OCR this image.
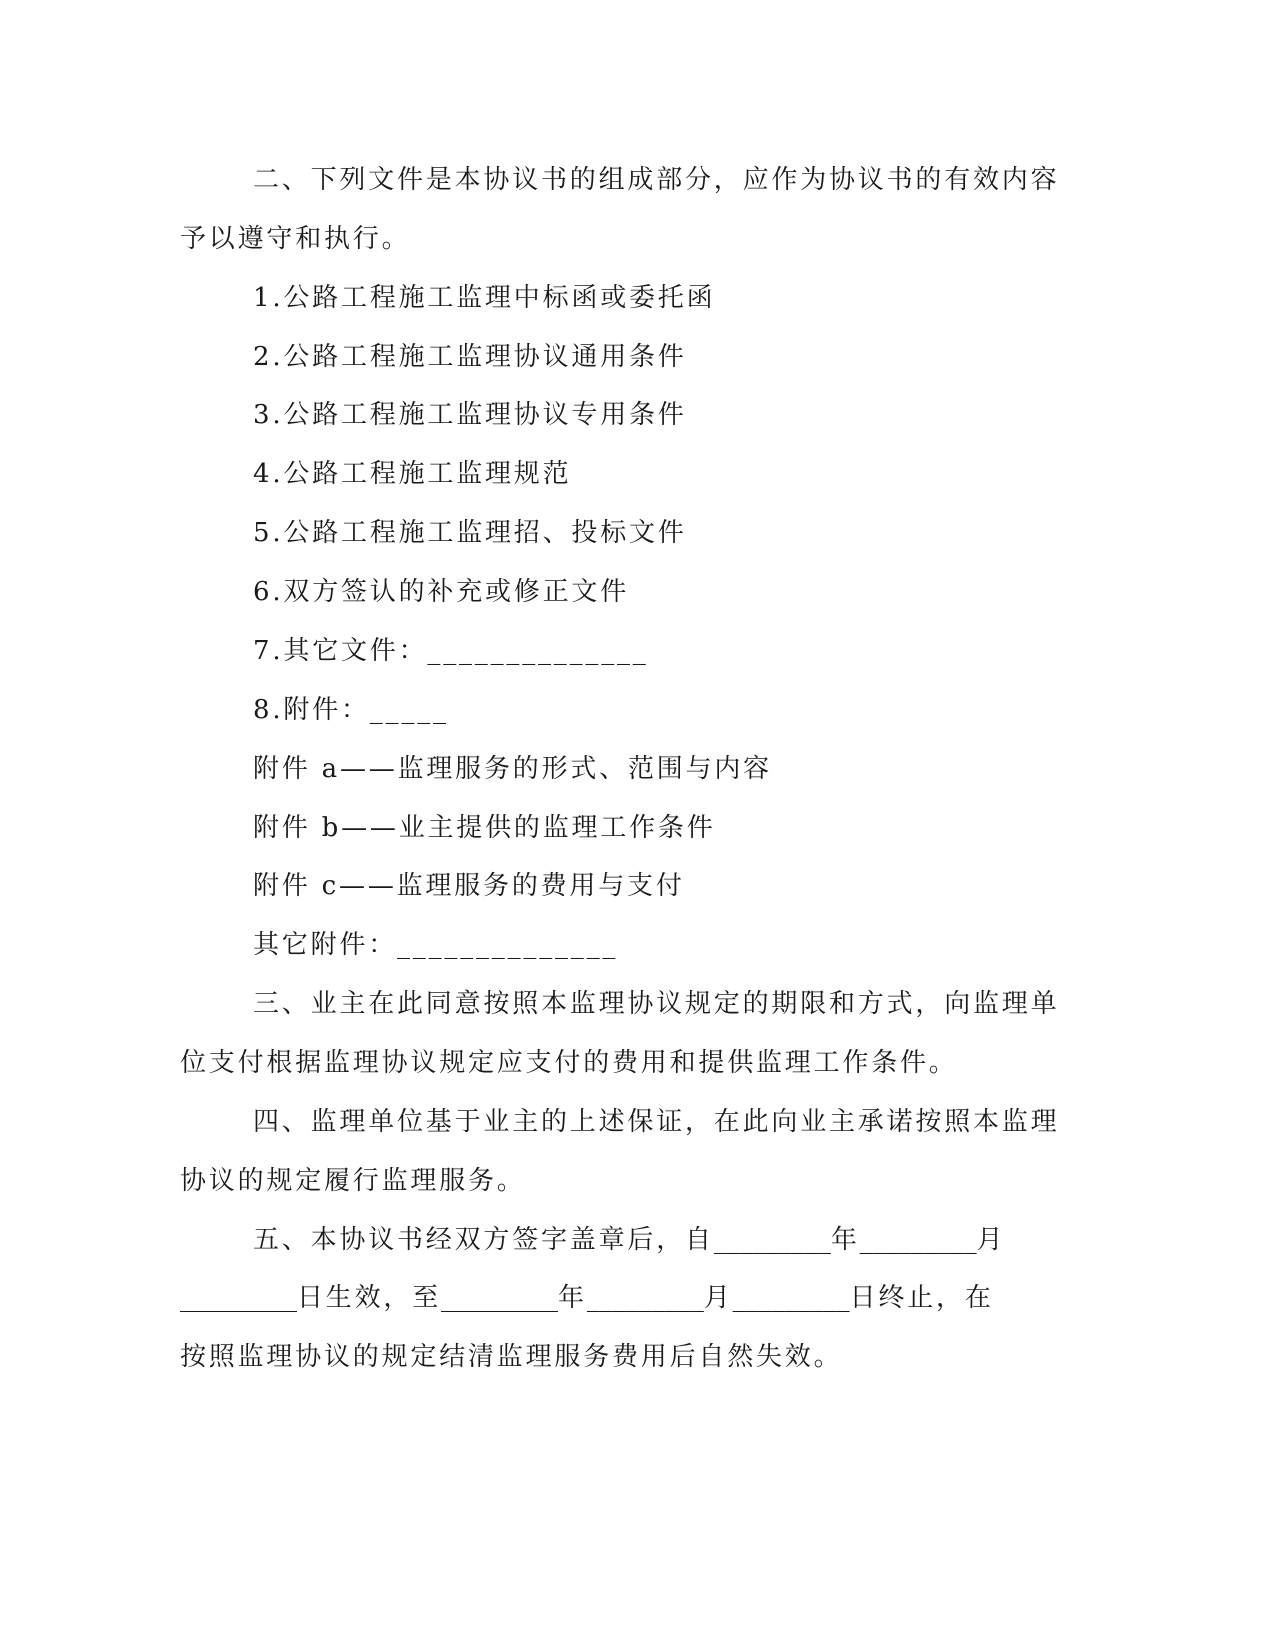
二、下列文件是本协议书的组成部分，应作为协议书的有效内容
予以遵守和执行。
1.公路工程施工监理中标函或委托函
2.公路工程施工监理协议通用条件
3.公路工程施工监理协议专用条件
4.公路工程施工监理规范
5.公路工程施工监理招、投标文件
6.双方签认的补充或修正文件
7.其它文件：______________
8.附件：_____
附件 a——监理服务的形式、范围与内容
附件 b——业主提供的监理工作条件
附件 c——监理服务的费用与支付
其它附件：______________
三、业主在此同意按照本监理协议规定的期限和方式，向监理单
位支付根据监理协议规定应支付的费用和提供监理工作条件。
四、监理单位基于业主的上述保证，在此向业主承诺按照本监理
协议的规定履行监理服务。
五、本协议书经双方签字盖章后，自_________年_________月
_________日生效，至_________年_________月_________日终止，在
按照监理协议的规定结清监理服务费用后自然失效。
